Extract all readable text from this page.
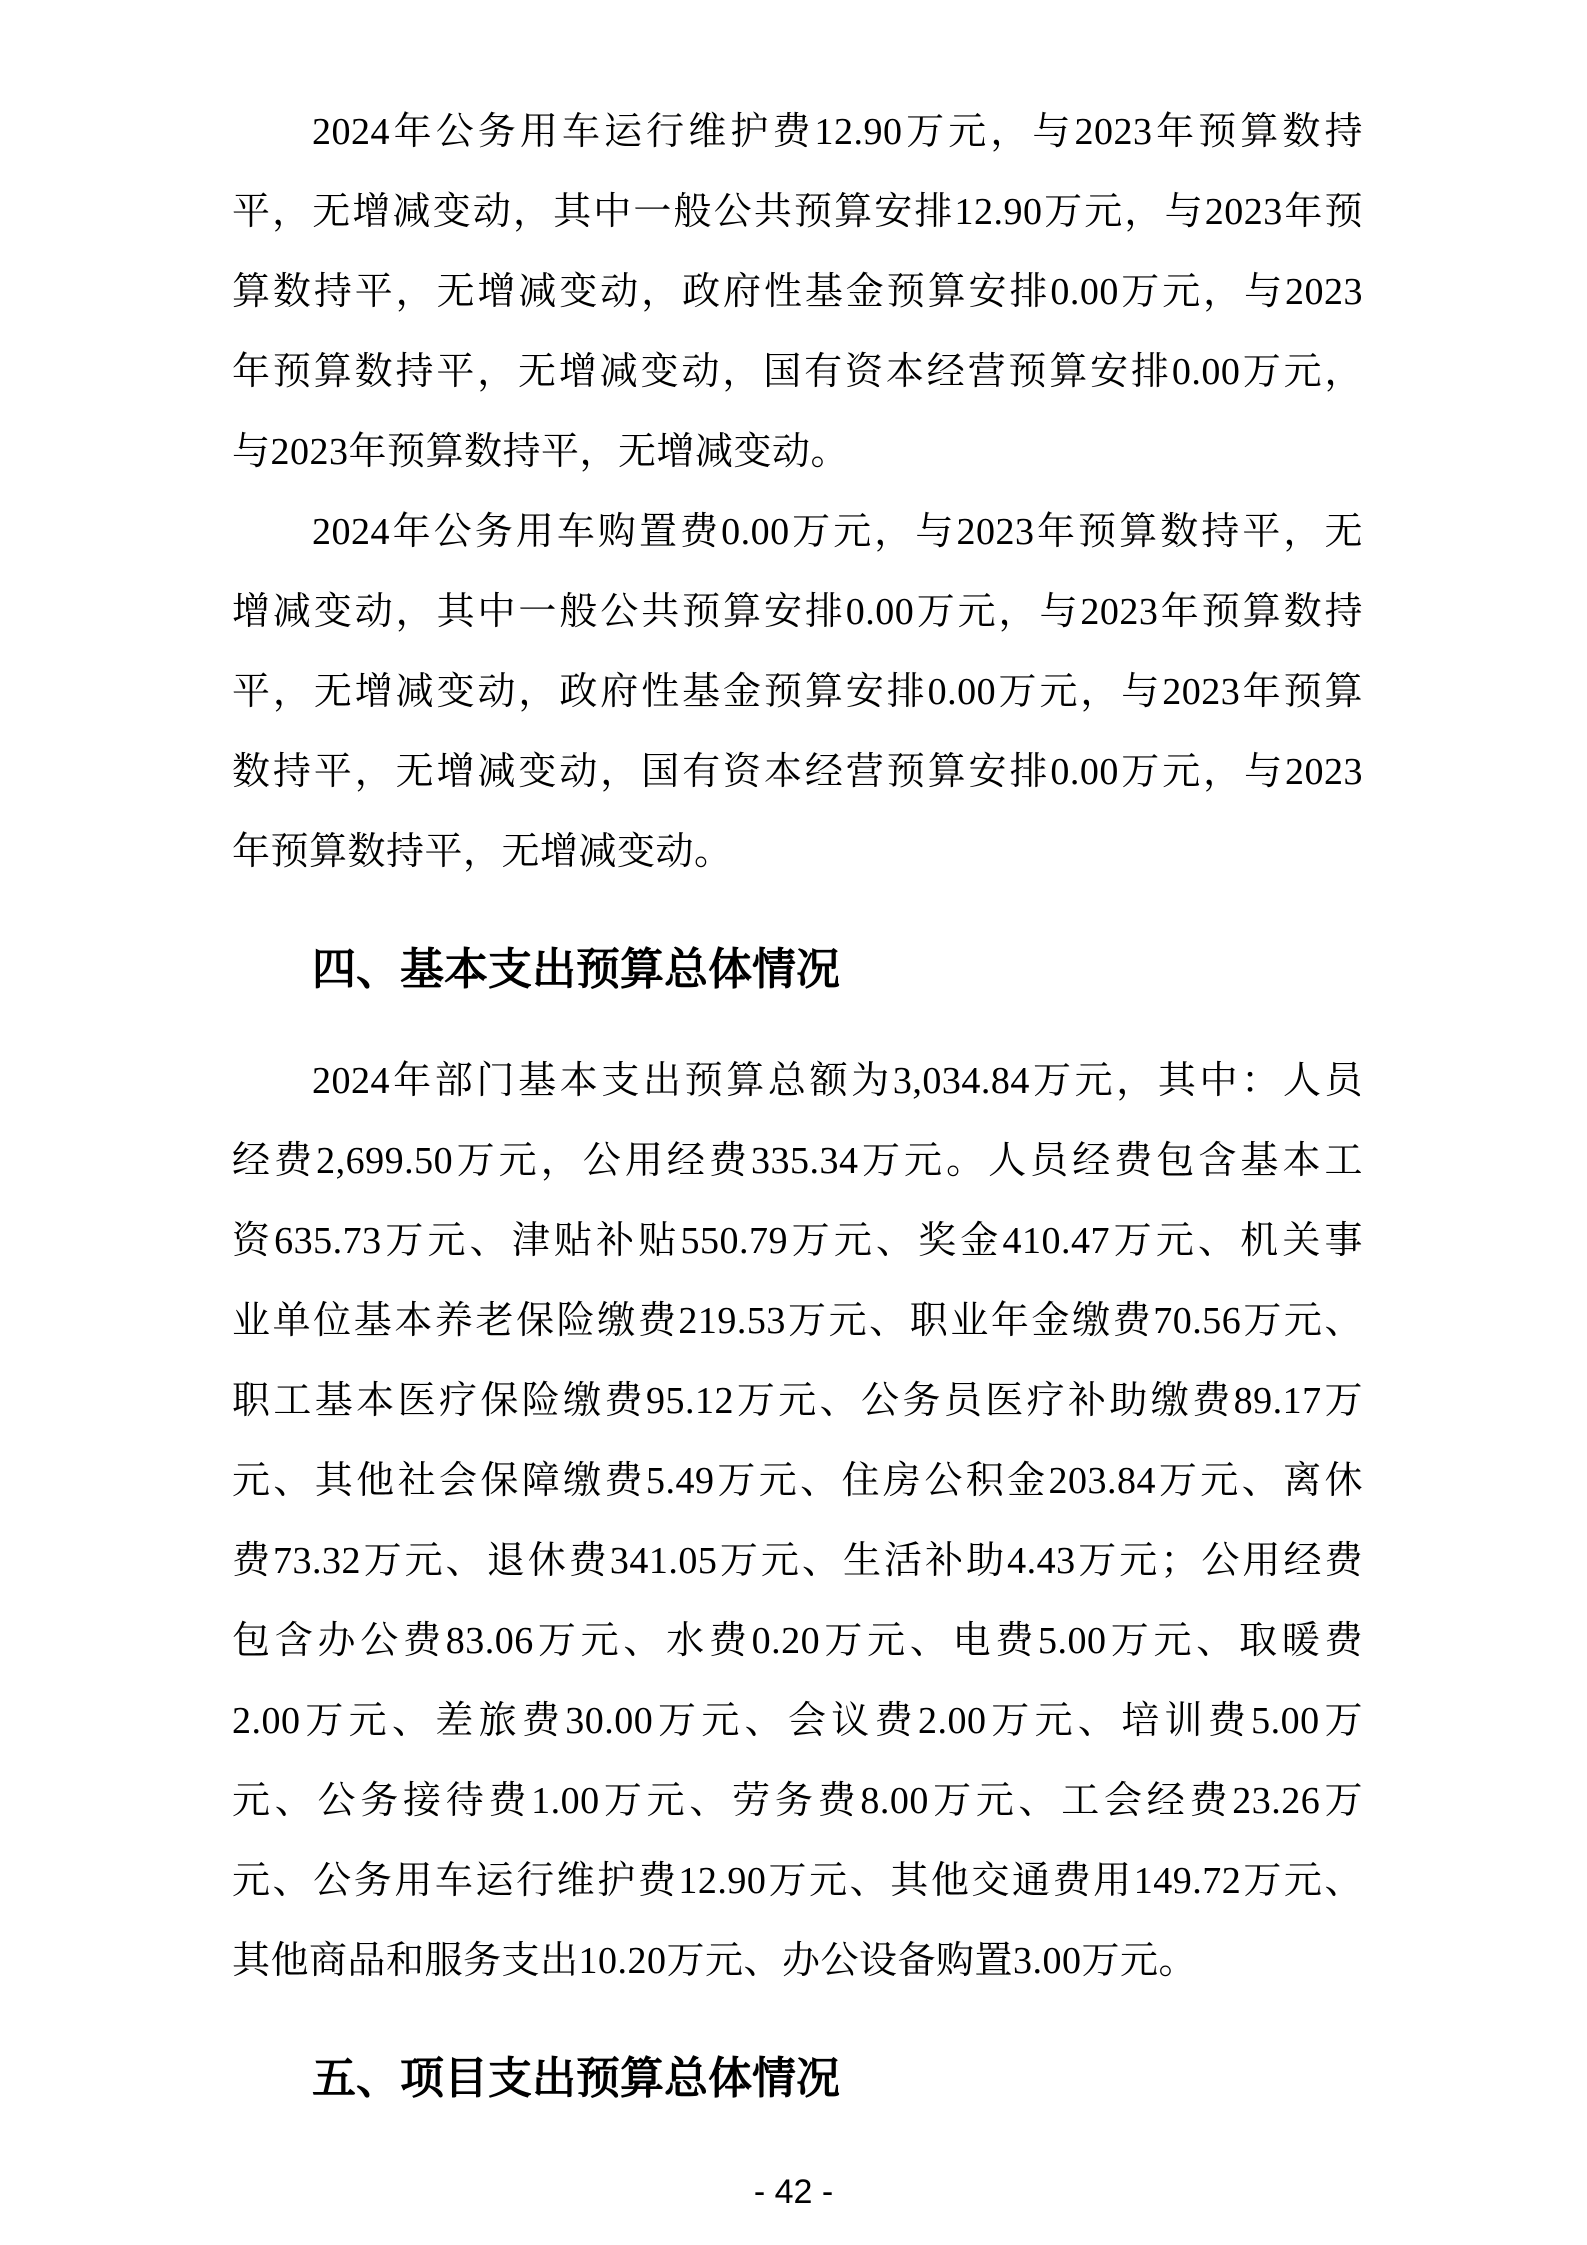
2024年公务用车运行维护费12.90万元，与2023年预算数持
平，无增减变动，其中一般公共预算安排12.90万元，与2023年预
算数持平，无增减变动，政府性基金预算安排0.00万元，与2023
年预算数持平，无增减变动，国有资本经营预算安排0.00万元，
与2023年预算数持平，无增减变动。
2024年公务用车购置费0.00万元，与2023年预算数持平，无
增减变动，其中一般公共预算安排0.00万元，与2023年预算数持
平，无增减变动，政府性基金预算安排0.00万元，与2023年预算
数持平，无增减变动，国有资本经营预算安排0.00万元，与2023
年预算数持平，无增减变动。
四、基本支出预算总体情况
2024年部门基本支出预算总额为3,034.84万元，其中：人员
经费2,699.50万元，公用经费335.34万元。人员经费包含基本工
资635.73万元、津贴补贴550.79万元、奖金410.47万元、机关事
业单位基本养老保险缴费219.53万元、职业年金缴费70.56万元、
职工基本医疗保险缴费95.12万元、公务员医疗补助缴费89.17万
元、其他社会保障缴费5.49万元、住房公积金203.84万元、离休
费73.32万元、退休费341.05万元、生活补助4.43万元；公用经费
包含办公费83.06万元、水费0.20万元、电费5.00万元、取暖费
2.00万元、差旅费30.00万元、会议费2.00万元、培训费5.00万
元、公务接待费1.00万元、劳务费8.00万元、工会经费23.26万
元、公务用车运行维护费12.90万元、其他交通费用149.72万元、
其他商品和服务支出10.20万元、办公设备购置3.00万元。
五、项目支出预算总体情况
- 42 -
